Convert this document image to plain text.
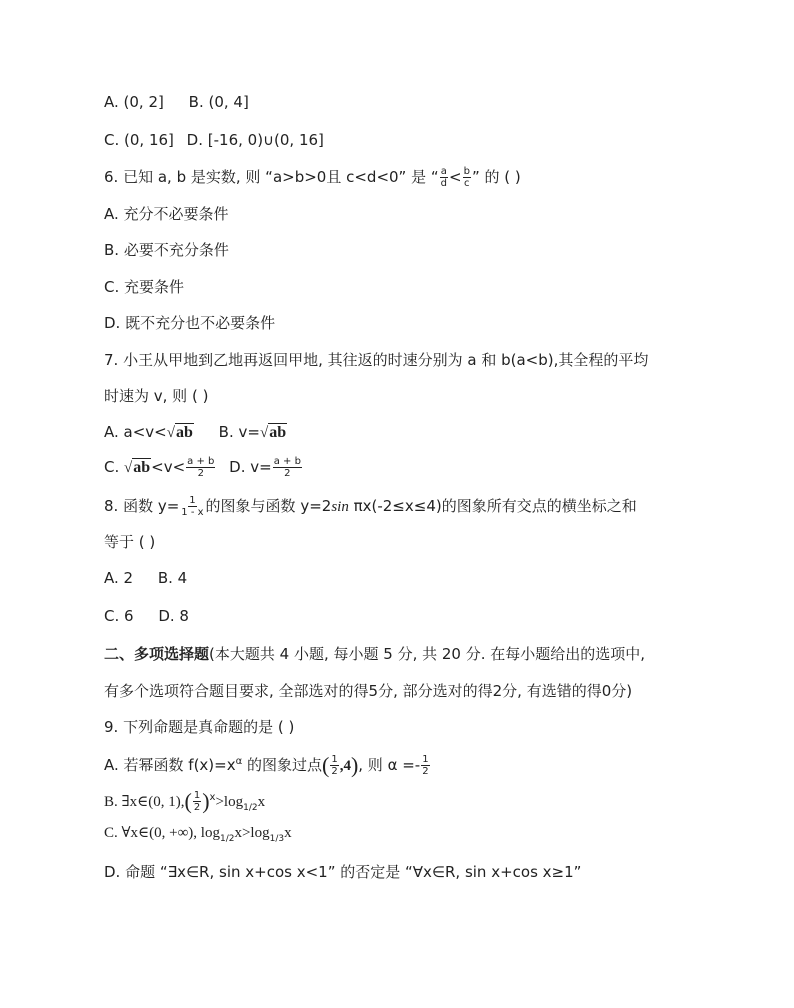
A. (0, 2] B. (0, 4]
C. (0, 16] D. [-16, 0)∪(0, 16]
6. 已知 a, b 是实数, 则 “a>b>0且 c<d<0” 是 “ $\frac{a}{d} < \frac{b}{c}$ ” 的 ( )
A. 充分不必要条件
B. 必要不充分条件
C. 充要条件
D. 既不充分也不必要条件
7. 小王从甲地到乙地再返回甲地, 其往返的时速分别为 a 和 b(a<b),其全程的平均
时速为 v, 则 ( )
A. a<v<√ab B. v=√ab
C. $√ab<v< \frac{a + b}{2} D$. $v= \frac{a + b}{2}$
8. 函数 $y= \frac{1}{1 - x}$ 的图象与函数 y=2sin πx(-2≤x≤4)的图象所有交点的横坐标之和
等于 ( )
A. 2 B. 4
C. 6 D. 8
二、多项选择题(本大题共 4 小题, 每小题 5 分, 共 20 分. 在每小题给出的选项中,
有多个选项符合题目要求, 全部选对的得5分, 部分选对的得2分, 有选错的得0分)
9. 下列命题是真命题的是 ( )
A. 若幂函数 $f(x)=x^\alpha$ 的图象过点( $\frac{1}{2} ,4$), 则 $\alpha =- \frac{1}{2}$
B. ∃x∈(0, $1),( \frac{1}{2} )^x>\log_{1/2}x$
C. ∀x∈(0, +∞), $\log_{1/2}x>\log_{1/3}x$
D. 命题 “∃x∈R, sin x+cos x<1” 的否定是 “∀x∈R, sin x+cos x≥1”
